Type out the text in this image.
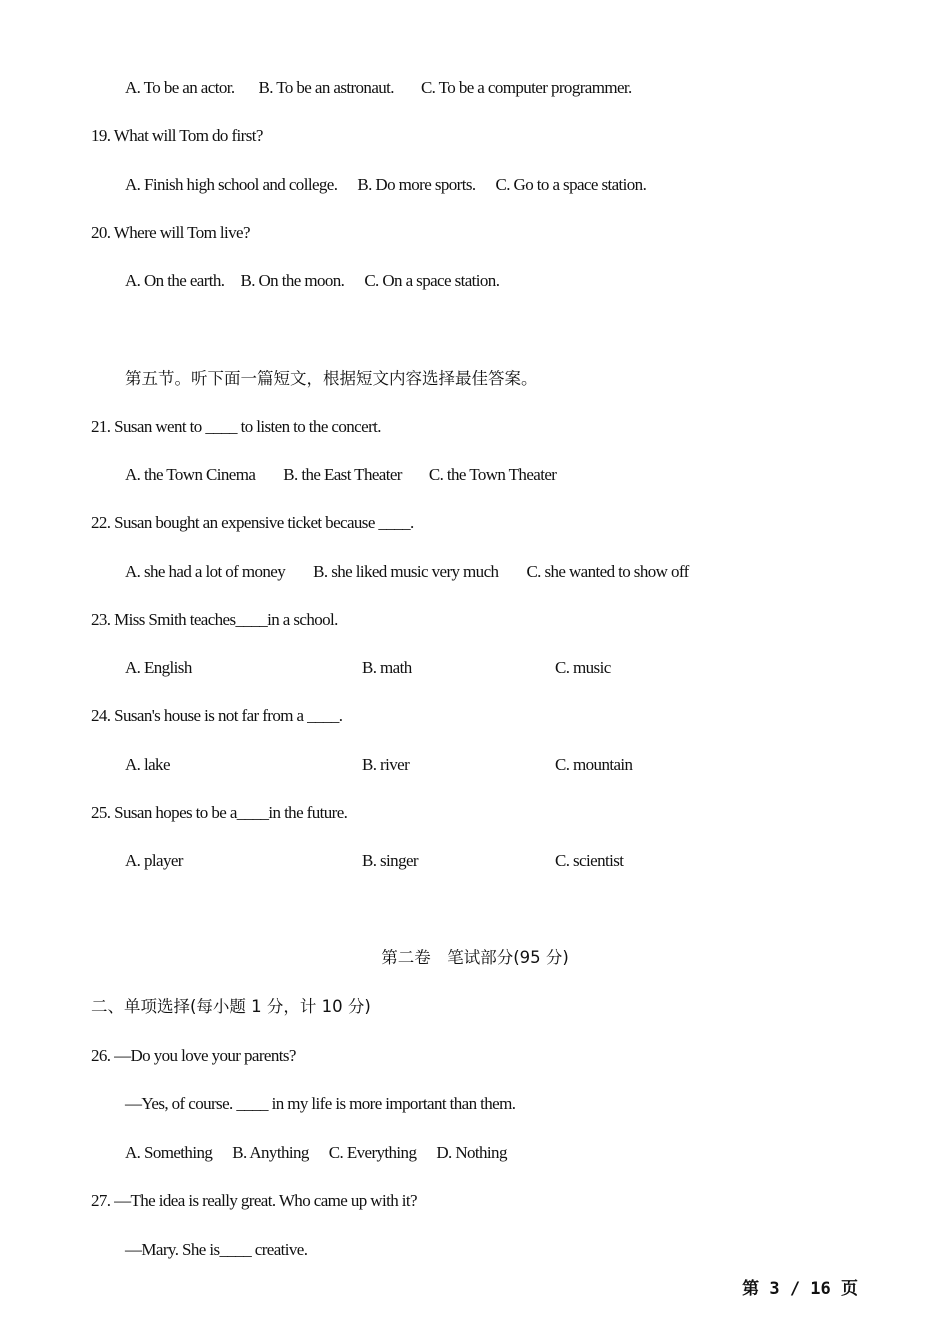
A. To be an actor. B. To be an astronaut. C. To be a computer programmer.
19. What will Tom do first?
A. Finish high school and college. B. Do more sports. C. Go to a space station.
20. Where will Tom live?
A. On the earth. B. On the moon. C. On a space station.
第五节。听下面一篇短文，根据短文内容选择最佳答案。
21. Susan went to ____ to listen to the concert.
A. the Town Cinema B. the East Theater C. the Town Theater
22. Susan bought an expensive ticket because ____.
A. she had a lot of money B. she liked music very much C. she wanted to show off
23. Miss Smith teaches____in a school.
A. English	B. math	C. music
24. Susan's house is not far from a ____.
A. lake	B. river	C. mountain
25. Susan hopes to be a____in the future.
A. player	B. singer	C. scientist
第二卷　笔试部分(95 分)
二、单项选择(每小题 1 分，计 10 分)
26. —Do you love your parents?
—Yes, of course. ____ in my life is more important than them.
A. Something B. Anything C. Everything D. Nothing
27. —The idea is really great. Who came up with it?
—Mary. She is____ creative.
第 3 / 16 页
